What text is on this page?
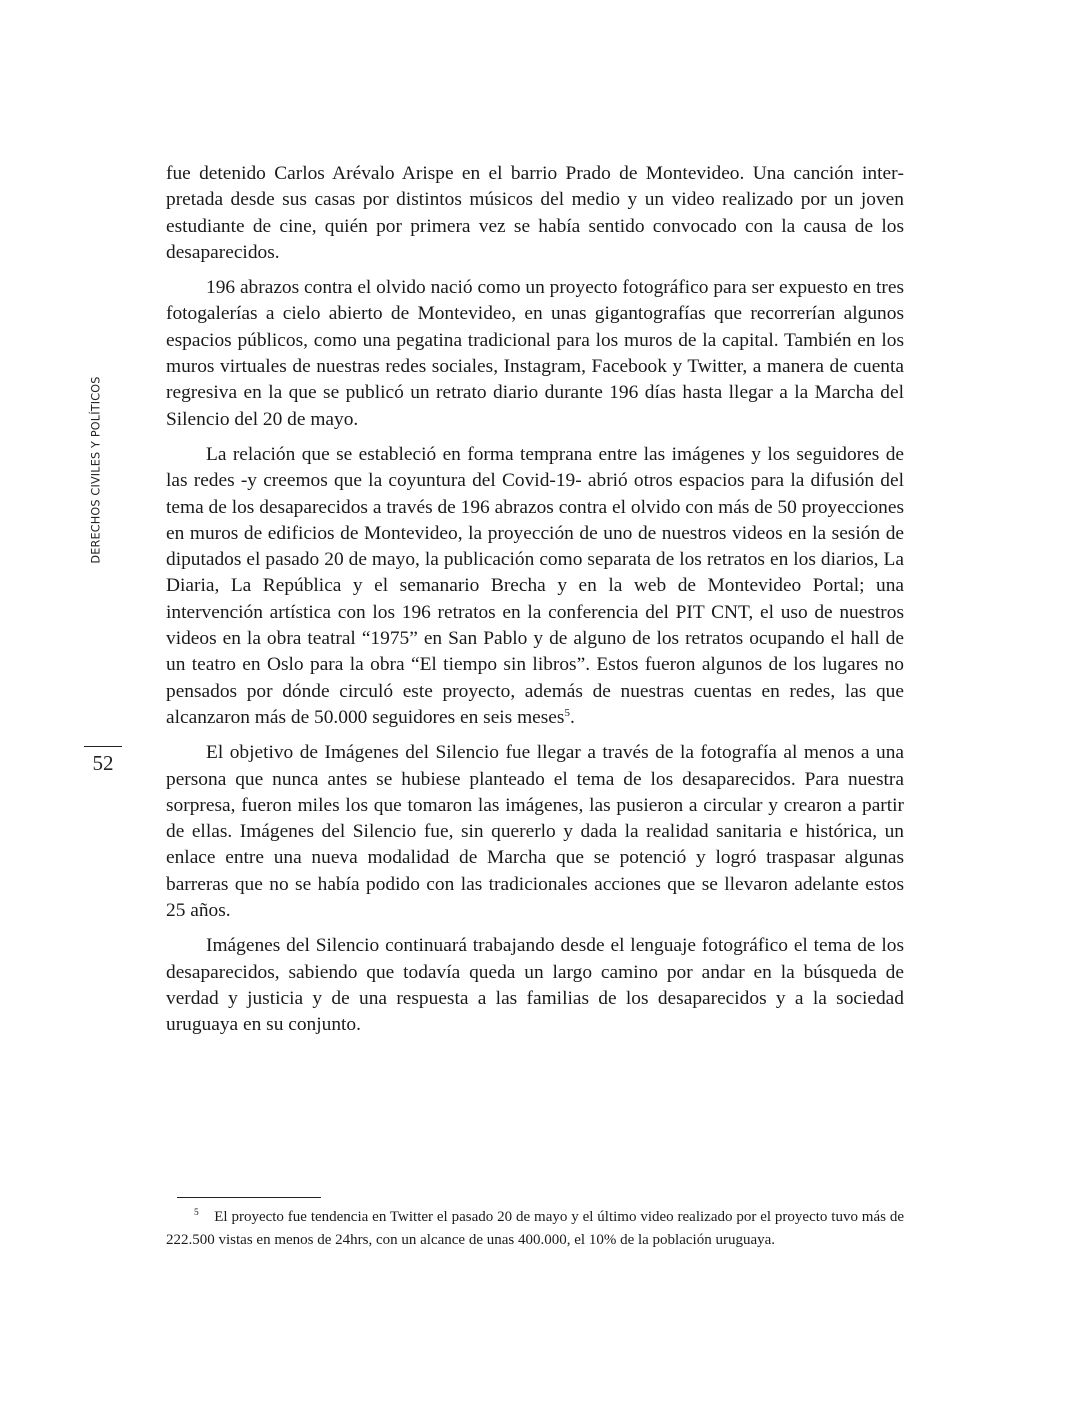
DERECHOS CIVILES Y POLÍTICOS
52

fue detenido Carlos Arévalo Arispe en el barrio Prado de Montevideo. Una canción interpretada desde sus casas por distintos músicos del medio y un video realizado por un joven estudiante de cine, quién por primera vez se había sentido convocado con la causa de los desaparecidos.

196 abrazos contra el olvido nació como un proyecto fotográfico para ser expuesto en tres fotogalerías a cielo abierto de Montevideo, en unas gigantografías que recorrerían algunos espacios públicos, como una pegatina tradicional para los muros de la capital. También en los muros virtuales de nuestras redes sociales, Instagram, Facebook y Twitter, a manera de cuenta regresiva en la que se publicó un retrato diario durante 196 días hasta llegar a la Marcha del Silencio del 20 de mayo.

La relación que se estableció en forma temprana entre las imágenes y los seguidores de las redes -y creemos que la coyuntura del Covid-19- abrió otros espacios para la difusión del tema de los desaparecidos a través de 196 abrazos contra el olvido con más de 50 proyecciones en muros de edificios de Montevideo, la proyección de uno de nuestros videos en la sesión de diputados el pasado 20 de mayo, la publicación como separata de los retratos en los diarios, La Diaria, La República y el semanario Brecha y en la web de Montevideo Portal; una intervención artística con los 196 retratos en la conferencia del PIT CNT, el uso de nuestros videos en la obra teatral “1975” en San Pablo y de alguno de los retratos ocupando el hall de un teatro en Oslo para la obra “El tiempo sin libros”. Estos fueron algunos de los lugares no pensados por dónde circuló este proyecto, además de nuestras cuentas en redes, las que alcanzaron más de 50.000 seguidores en seis meses$^5$.

El objetivo de Imágenes del Silencio fue llegar a través de la fotografía al menos a una persona que nunca antes se hubiese planteado el tema de los desaparecidos. Para nuestra sorpresa, fueron miles los que tomaron las imágenes, las pusieron a circular y crearon a partir de ellas. Imágenes del Silencio fue, sin quererlo y dada la realidad sanitaria e histórica, un enlace entre una nueva modalidad de Marcha que se potenció y logró traspasar algunas barreras que no se había podido con las tradicionales acciones que se llevaron adelante estos 25 años.

Imágenes del Silencio continuará trabajando desde el lenguaje fotográfico el tema de los desaparecidos, sabiendo que todavía queda un largo camino por andar en la búsqueda de verdad y justicia y de una respuesta a las familias de los desaparecidos y a la sociedad uruguaya en su conjunto.

$^5$ El proyecto fue tendencia en Twitter el pasado 20 de mayo y el último video realizado por el proyecto tuvo más de 222.500 vistas en menos de 24hrs, con un alcance de unas 400.000, el 10% de la población uruguaya.
